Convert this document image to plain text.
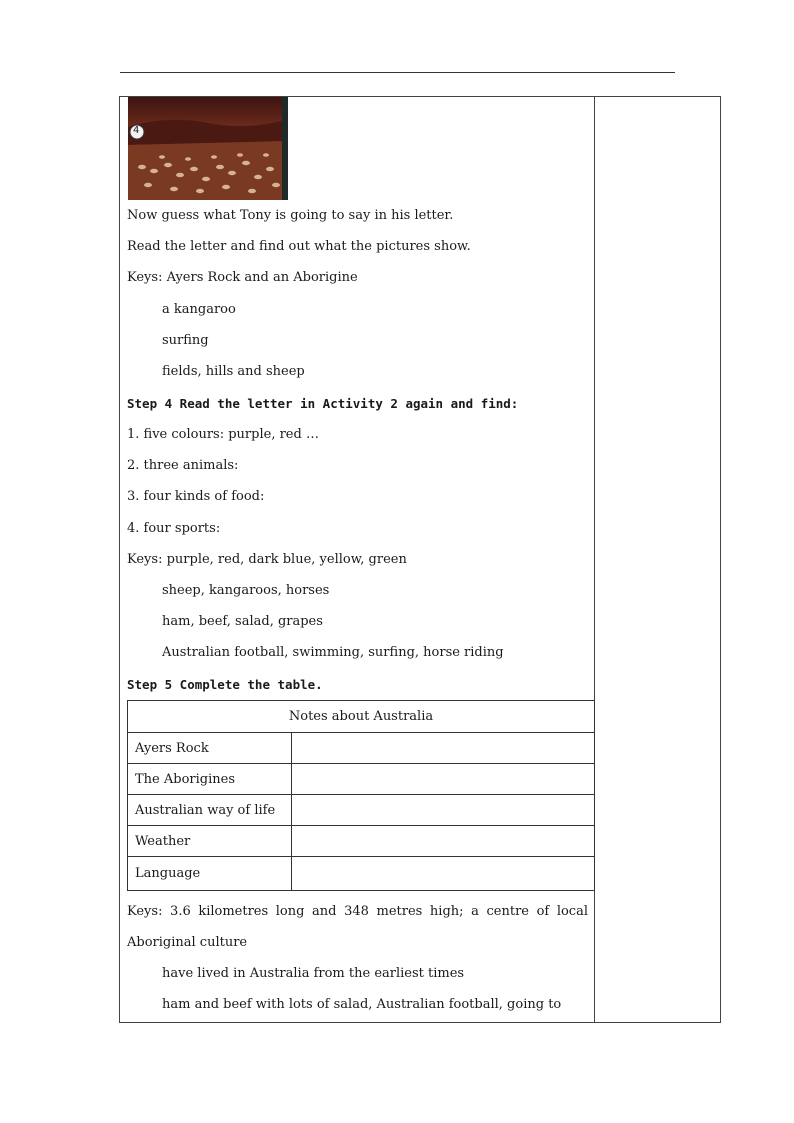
4
Now guess what Tony is going to say in his letter.
Read the letter and find out what the pictures show.
Keys: Ayers Rock and an Aborigine
a kangaroo
surfing
fields, hills and sheep
Step 4 Read the letter in Activity 2 again and find:
1. five colours: purple, red …
2. three animals:
3. four kinds of food:
4. four sports:
Keys: purple, red, dark blue, yellow, green
sheep, kangaroos, horses
ham, beef, salad, grapes
Australian football, swimming, surfing, horse riding
Step 5 Complete the table.
Notes about Australia	
Ayers Rock	
The Aborigines	
Australian way of life	
Weather	
Language	
Keys: 3.6 kilometres long and 348 metres high; a centre of local
Aboriginal culture
have lived in Australia from the earliest times
ham and beef with lots of salad, Australian football, going to
